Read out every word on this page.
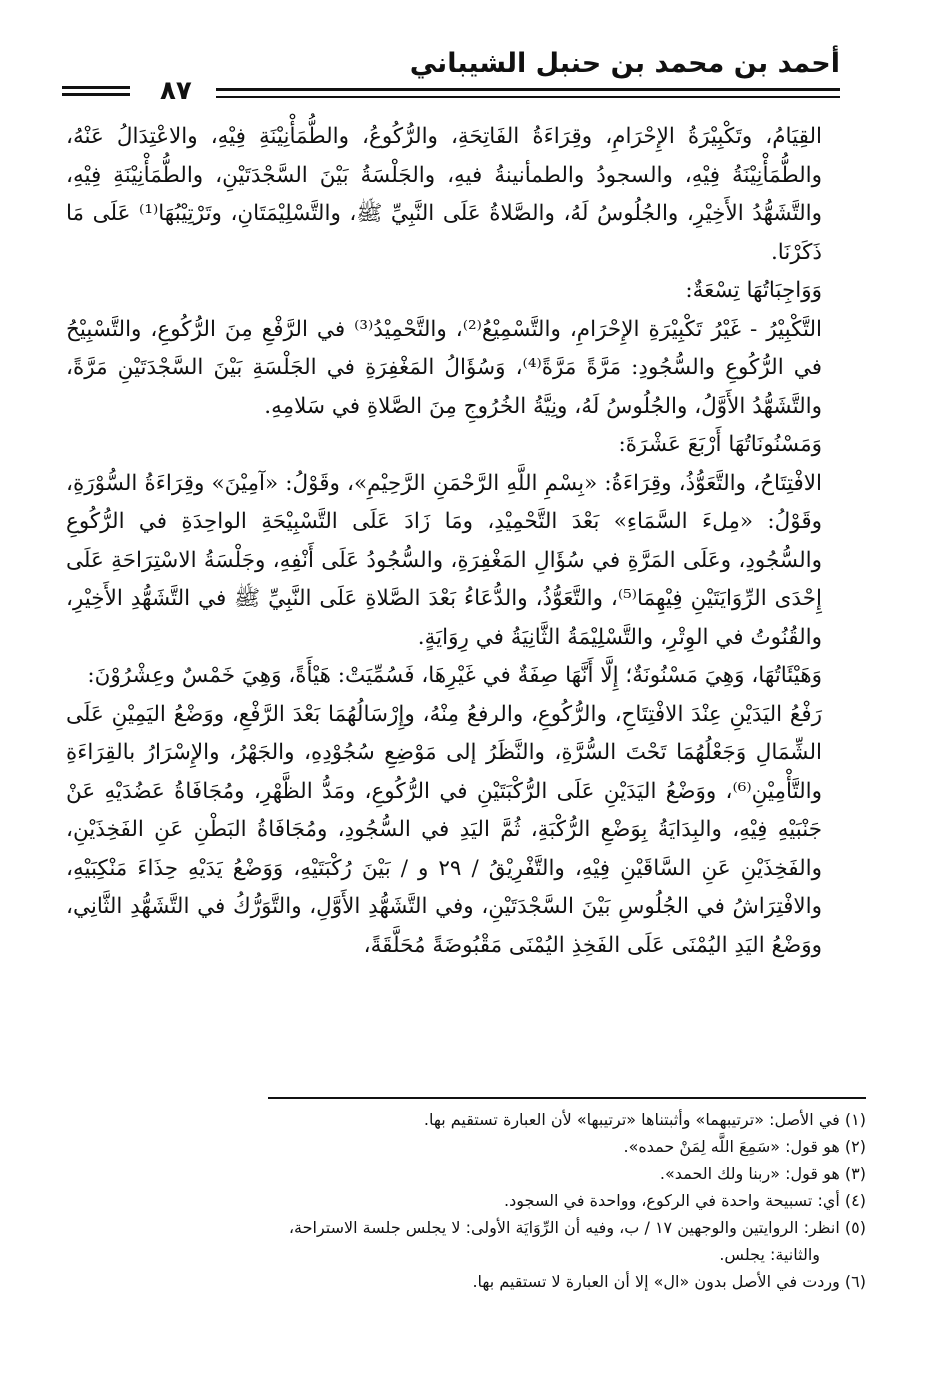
أحمد بن محمد بن حنبل الشيباني
٨٧

القِيَامُ، وتَكْبِيْرَةُ الإِحْرَامِ، وقِرَاءَةُ الفَاتِحَةِ، والرُّكُوعُ، والطُّمَأْنِيْنَةِ فِيْهِ، والاعْتِدَالُ عَنْهُ، والطُّمَأْنِيْنَةُ فِيْهِ، والسجودُ والطمأنينةُ فيهِ، والجَلْسَةُ بَيْنَ السَّجْدَتَيْنِ، والطُّمَأْنِيْنَةِ فِيْهِ، والتَّشَهُّدُ الأَخِيْرِ، والجُلُوسُ لَهُ، والصَّلاةُ عَلَى النَّبِيِّ ﷺ، والتَّسْلِيْمَتَانِ، وتَرْتِيْبُهَا⁽¹⁾ عَلَى مَا ذَكَرْنَا.

وَوَاجِبَاتُهَا تِسْعَةٌ:

التَّكْبِيْرُ - غَيْرُ تَكْبِيْرَةِ الإِحْرَامِ، والتَّسْمِيْعُ⁽²⁾، والتَّحْمِيْدُ⁽³⁾ في الرَّفْعِ مِنَ الرُّكُوعِ، والتَّسْبِيْحُ في الرُّكُوعِ والسُّجُودِ: مَرَّةً مَرَّةً⁽⁴⁾، وَسُؤَالُ المَغْفِرَةِ في الجَلْسَةِ بَيْنَ السَّجْدَتَيْنِ مَرَّةً، والتَّشَهُّدُ الأَوَّلُ، والجُلُوسُ لَهُ، ونِيَّةُ الخُرُوجِ مِنَ الصَّلاةِ في سَلامِهِ.

وَمَسْنُونَاتُهَا أَرْبَعَ عَشْرَةَ:

الافْتِتَاحُ، والتَّعَوُّذُ، وقِرَاءَةُ: «بِسْمِ اللَّهِ الرَّحْمَنِ الرَّحِيْمِ»، وقَوْلُ: «آمِيْنَ» وقِرَاءَةُ السُّوْرَةِ، وقَوْلُ: «مِلءَ السَّمَاءِ» بَعْدَ التَّحْمِيْدِ، ومَا زَادَ عَلَى التَّسْبِيْحَةِ الواحِدَةِ في الرُّكُوعِ والسُّجُودِ، وعَلَى المَرَّةِ في سُؤَالِ المَغْفِرَةِ، والسُّجُودُ عَلَى أَنْفِهِ، وجَلْسَةُ الاسْتِرَاحَةِ عَلَى إِحْدَى الرِّوَايَتَيْنِ فِيْهِمَا⁽⁵⁾، والتَّعَوُّذُ، والدُّعَاءُ بَعْدَ الصَّلاةِ عَلَى النَّبِيِّ ﷺ في التَّشَهُّدِ الأَخِيْرِ، والقُنُوتُ في الوِتْرِ، والتَّسْلِيْمَةُ الثَّانِيَةُ في رِوَايَةٍ.

وَهَيْئَاتُهَا، وَهِيَ مَسْنُونَةٌ؛ إِلَّا أَنَّهَا صِفَةٌ في غَيْرِهَا، فَسُمِّيَتْ: هَيْأَةً، وَهِيَ خَمْسٌ وعِشْرُوْنَ:

رَفْعُ اليَدَيْنِ عِنْدَ الافْتِتَاحِ، والرُّكُوعِ، والرفعُ مِنْهُ، وإِرْسَالُهُمَا بَعْدَ الرَّفْعِ، ووَضْعُ اليَمِيْنِ عَلَى الشِّمَالِ وَجَعْلُهُمَا تَحْتَ السُّرَّةِ، والنَّظَرُ إلى مَوْضِعِ سُجُوْدِهِ، والجَهْرُ، والإِسْرَارُ بالقِرَاءَةِ والتَّأْمِيْنِ⁽⁶⁾، ووَضْعُ اليَدَيْنِ عَلَى الرُّكْبَتَيْنِ في الرُّكُوعِ، ومَدُّ الظَّهْرِ، ومُجَافَاةُ عَضُدَيْهِ عَنْ جَنْبَيْهِ فِيْهِ، والبِدَايَةُ بِوَضْعِ الرُّكْبَةِ، ثُمَّ اليَدِ في السُّجُودِ، ومُجَافَاةُ البَطْنِ عَنِ الفَخِذَيْنِ، والفَخِذَيْنِ عَنِ السَّاقَيْنِ فِيْهِ، والتَّفْرِيْقُ / ٢٩ و / بَيْنَ رُكْبَتَيْهِ، وَوَضْعُ يَدَيْهِ حِذَاءَ مَنْكِبَيْهِ، والافْتِرَاشُ في الجُلُوسِ بَيْنَ السَّجْدَتَيْنِ، وفي التَّشَهُّدِ الأَوَّلِ، والتَّوَرُّكُ في التَّشَهُّدِ الثَّانِي، ووَضْعُ اليَدِ اليُمْنَى عَلَى الفَخِذِ اليُمْنَى مَقْبُوضَةً مُحَلَّقَةً،

(١) في الأصل: «ترتيبهما» وأثبتناها «ترتيبها» لأن العبارة تستقيم بها.

(٢) هو قول: «سَمِعَ اللَّه لِمَنْ حمده».

(٣) هو قول: «ربنا ولك الحمد».

(٤) أي: تسبيحة واحدة في الركوع، وواحدة في السجود.

(٥) انظر: الروايتين والوجهين ١٧ / ب، وفيه أن الرِّوَايَة الأولى: لا يجلس جلسة الاستراحة،

والثانية: يجلس.

(٦) وردت في الأصل بدون «ال» إلا أن العبارة لا تستقيم بها.
